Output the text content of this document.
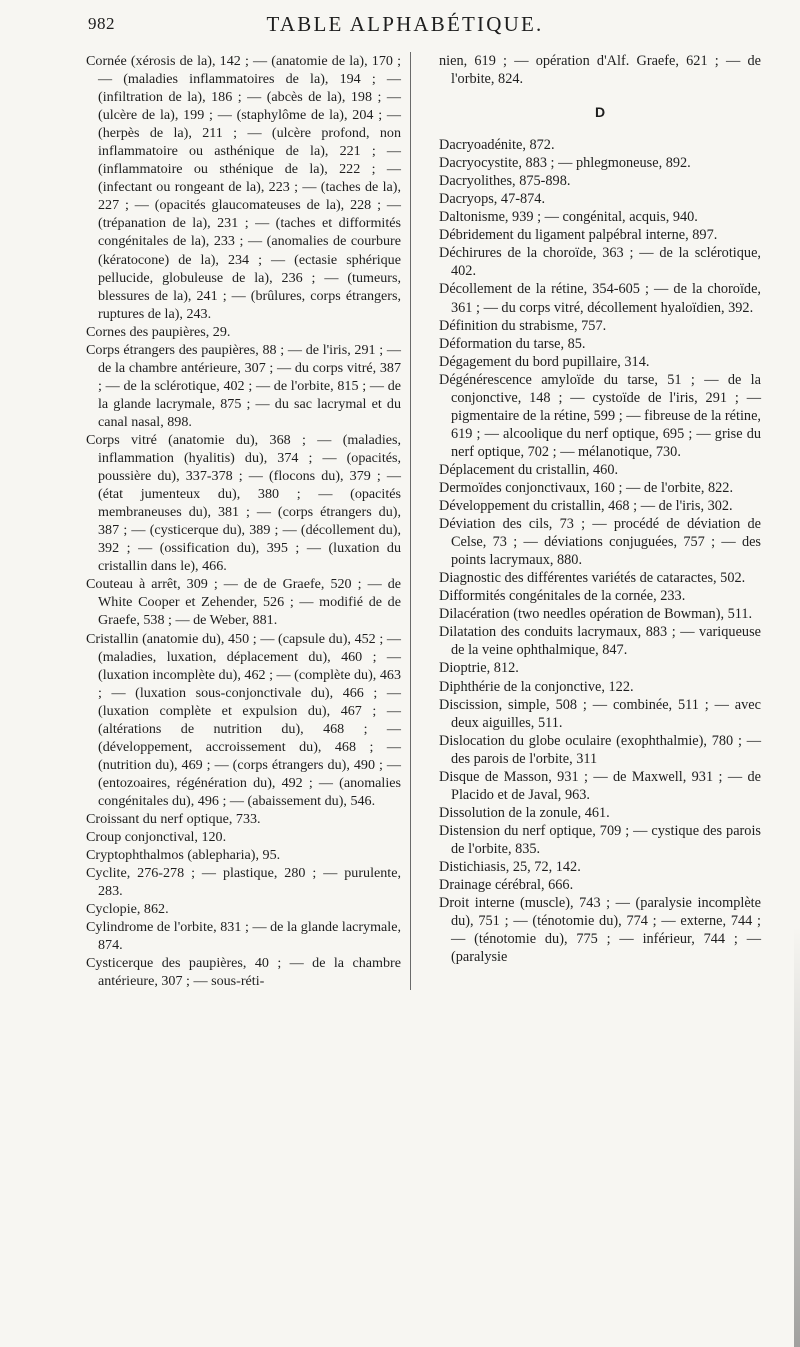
982	TABLE ALPHABÉTIQUE.

Cornée (xérosis de la), 142 ; — (anatomie de la), 170 ; — (maladies inflammatoires de la), 194 ; — (infiltration de la), 186 ; — (abcès de la), 198 ; — (ulcère de la), 199 ; — (staphylôme de la), 204 ; — (herpès de la), 211 ; — (ulcère profond, non inflammatoire ou asthénique de la), 221 ; — (inflammatoire ou sthénique de la), 222 ; — (infectant ou rongeant de la), 223 ; — (taches de la), 227 ; — (opacités glaucomateuses de la), 228 ; — (trépanation de la), 231 ; — (taches et difformités congénitales de la), 233 ; — (anomalies de courbure (kératocone) de la), 234 ; — (ectasie sphérique pellucide, globuleuse de la), 236 ; — (tumeurs, blessures de la), 241 ; — (brûlures, corps étrangers, ruptures de la), 243.

Cornes des paupières, 29.

Corps étrangers des paupières, 88 ; — de l'iris, 291 ; — de la chambre antérieure, 307 ; — du corps vitré, 387 ; — de la sclérotique, 402 ; — de l'orbite, 815 ; — de la glande lacrymale, 875 ; — du sac lacrymal et du canal nasal, 898.

Corps vitré (anatomie du), 368 ; — (maladies, inflammation (hyalitis) du), 374 ; — (opacités, poussière du), 337-378 ; — (flocons du), 379 ; — (état jumenteux du), 380 ; — (opacités membraneuses du), 381 ; — (corps étrangers du), 387 ; — (cysticerque du), 389 ; — (décollement du), 392 ; — (ossification du), 395 ; — (luxation du cristallin dans le), 466.

Couteau à arrêt, 309 ; — de de Graefe, 520 ; — de White Cooper et Zehender, 526 ; — modifié de de Graefe, 538 ; — de Weber, 881.

Cristallin (anatomie du), 450 ; — (capsule du), 452 ; — (maladies, luxation, déplacement du), 460 ; — (luxation incomplète du), 462 ; — (complète du), 463 ; — (luxation sous-conjonctivale du), 466 ; — (luxation complète et expulsion du), 467 ; — (altérations de nutrition du), 468 ; — (développement, accroissement du), 468 ; — (nutrition du), 469 ; — (corps étrangers du), 490 ; — (entozoaires, régénération du), 492 ; — (anomalies congénitales du), 496 ; — (abaissement du), 546.

Croissant du nerf optique, 733.

Croup conjonctival, 120.

Cryptophthalmos (ablepharia), 95.

Cyclite, 276-278 ; — plastique, 280 ; — purulente, 283.

Cyclopie, 862.

Cylindrome de l'orbite, 831 ; — de la glande lacrymale, 874.

Cysticerque des paupières, 40 ; — de la chambre antérieure, 307 ; — sous-réti-

nien, 619 ; — opération d'Alf. Graefe, 621 ; — de l'orbite, 824.

D

Dacryoadénite, 872.

Dacryocystite, 883 ; — phlegmoneuse, 892.

Dacryolithes, 875-898.

Dacryops, 47-874.

Daltonisme, 939 ; — congénital, acquis, 940.

Débridement du ligament palpébral interne, 897.

Déchirures de la choroïde, 363 ; — de la sclérotique, 402.

Décollement de la rétine, 354-605 ; — de la choroïde, 361 ; — du corps vitré, décollement hyaloïdien, 392.

Définition du strabisme, 757.

Déformation du tarse, 85.

Dégagement du bord pupillaire, 314.

Dégénérescence amyloïde du tarse, 51 ; — de la conjonctive, 148 ; — cystoïde de l'iris, 291 ; — pigmentaire de la rétine, 599 ; — fibreuse de la rétine, 619 ; — alcoolique du nerf optique, 695 ; — grise du nerf optique, 702 ; — mélanotique, 730.

Déplacement du cristallin, 460.

Dermoïdes conjonctivaux, 160 ; — de l'orbite, 822.

Développement du cristallin, 468 ; — de l'iris, 302.

Déviation des cils, 73 ; — procédé de déviation de Celse, 73 ; — déviations conjuguées, 757 ; — des points lacrymaux, 880.

Diagnostic des différentes variétés de cataractes, 502.

Difformités congénitales de la cornée, 233.

Dilacération (two needles opération de Bowman), 511.

Dilatation des conduits lacrymaux, 883 ; — variqueuse de la veine ophthalmique, 847.

Dioptrie, 812.

Diphthérie de la conjonctive, 122.

Discission, simple, 508 ; — combinée, 511 ; — avec deux aiguilles, 511.

Dislocation du globe oculaire (exophthalmie), 780 ; — des parois de l'orbite, 311

Disque de Masson, 931 ; — de Maxwell, 931 ; — de Placido et de Javal, 963.

Dissolution de la zonule, 461.

Distension du nerf optique, 709 ; — cystique des parois de l'orbite, 835.

Distichiasis, 25, 72, 142.

Drainage cérébral, 666.

Droit interne (muscle), 743 ; — (paralysie incomplète du), 751 ; — (ténotomie du), 774 ; — externe, 744 ; — (ténotomie du), 775 ; — inférieur, 744 ; — (paralysie
